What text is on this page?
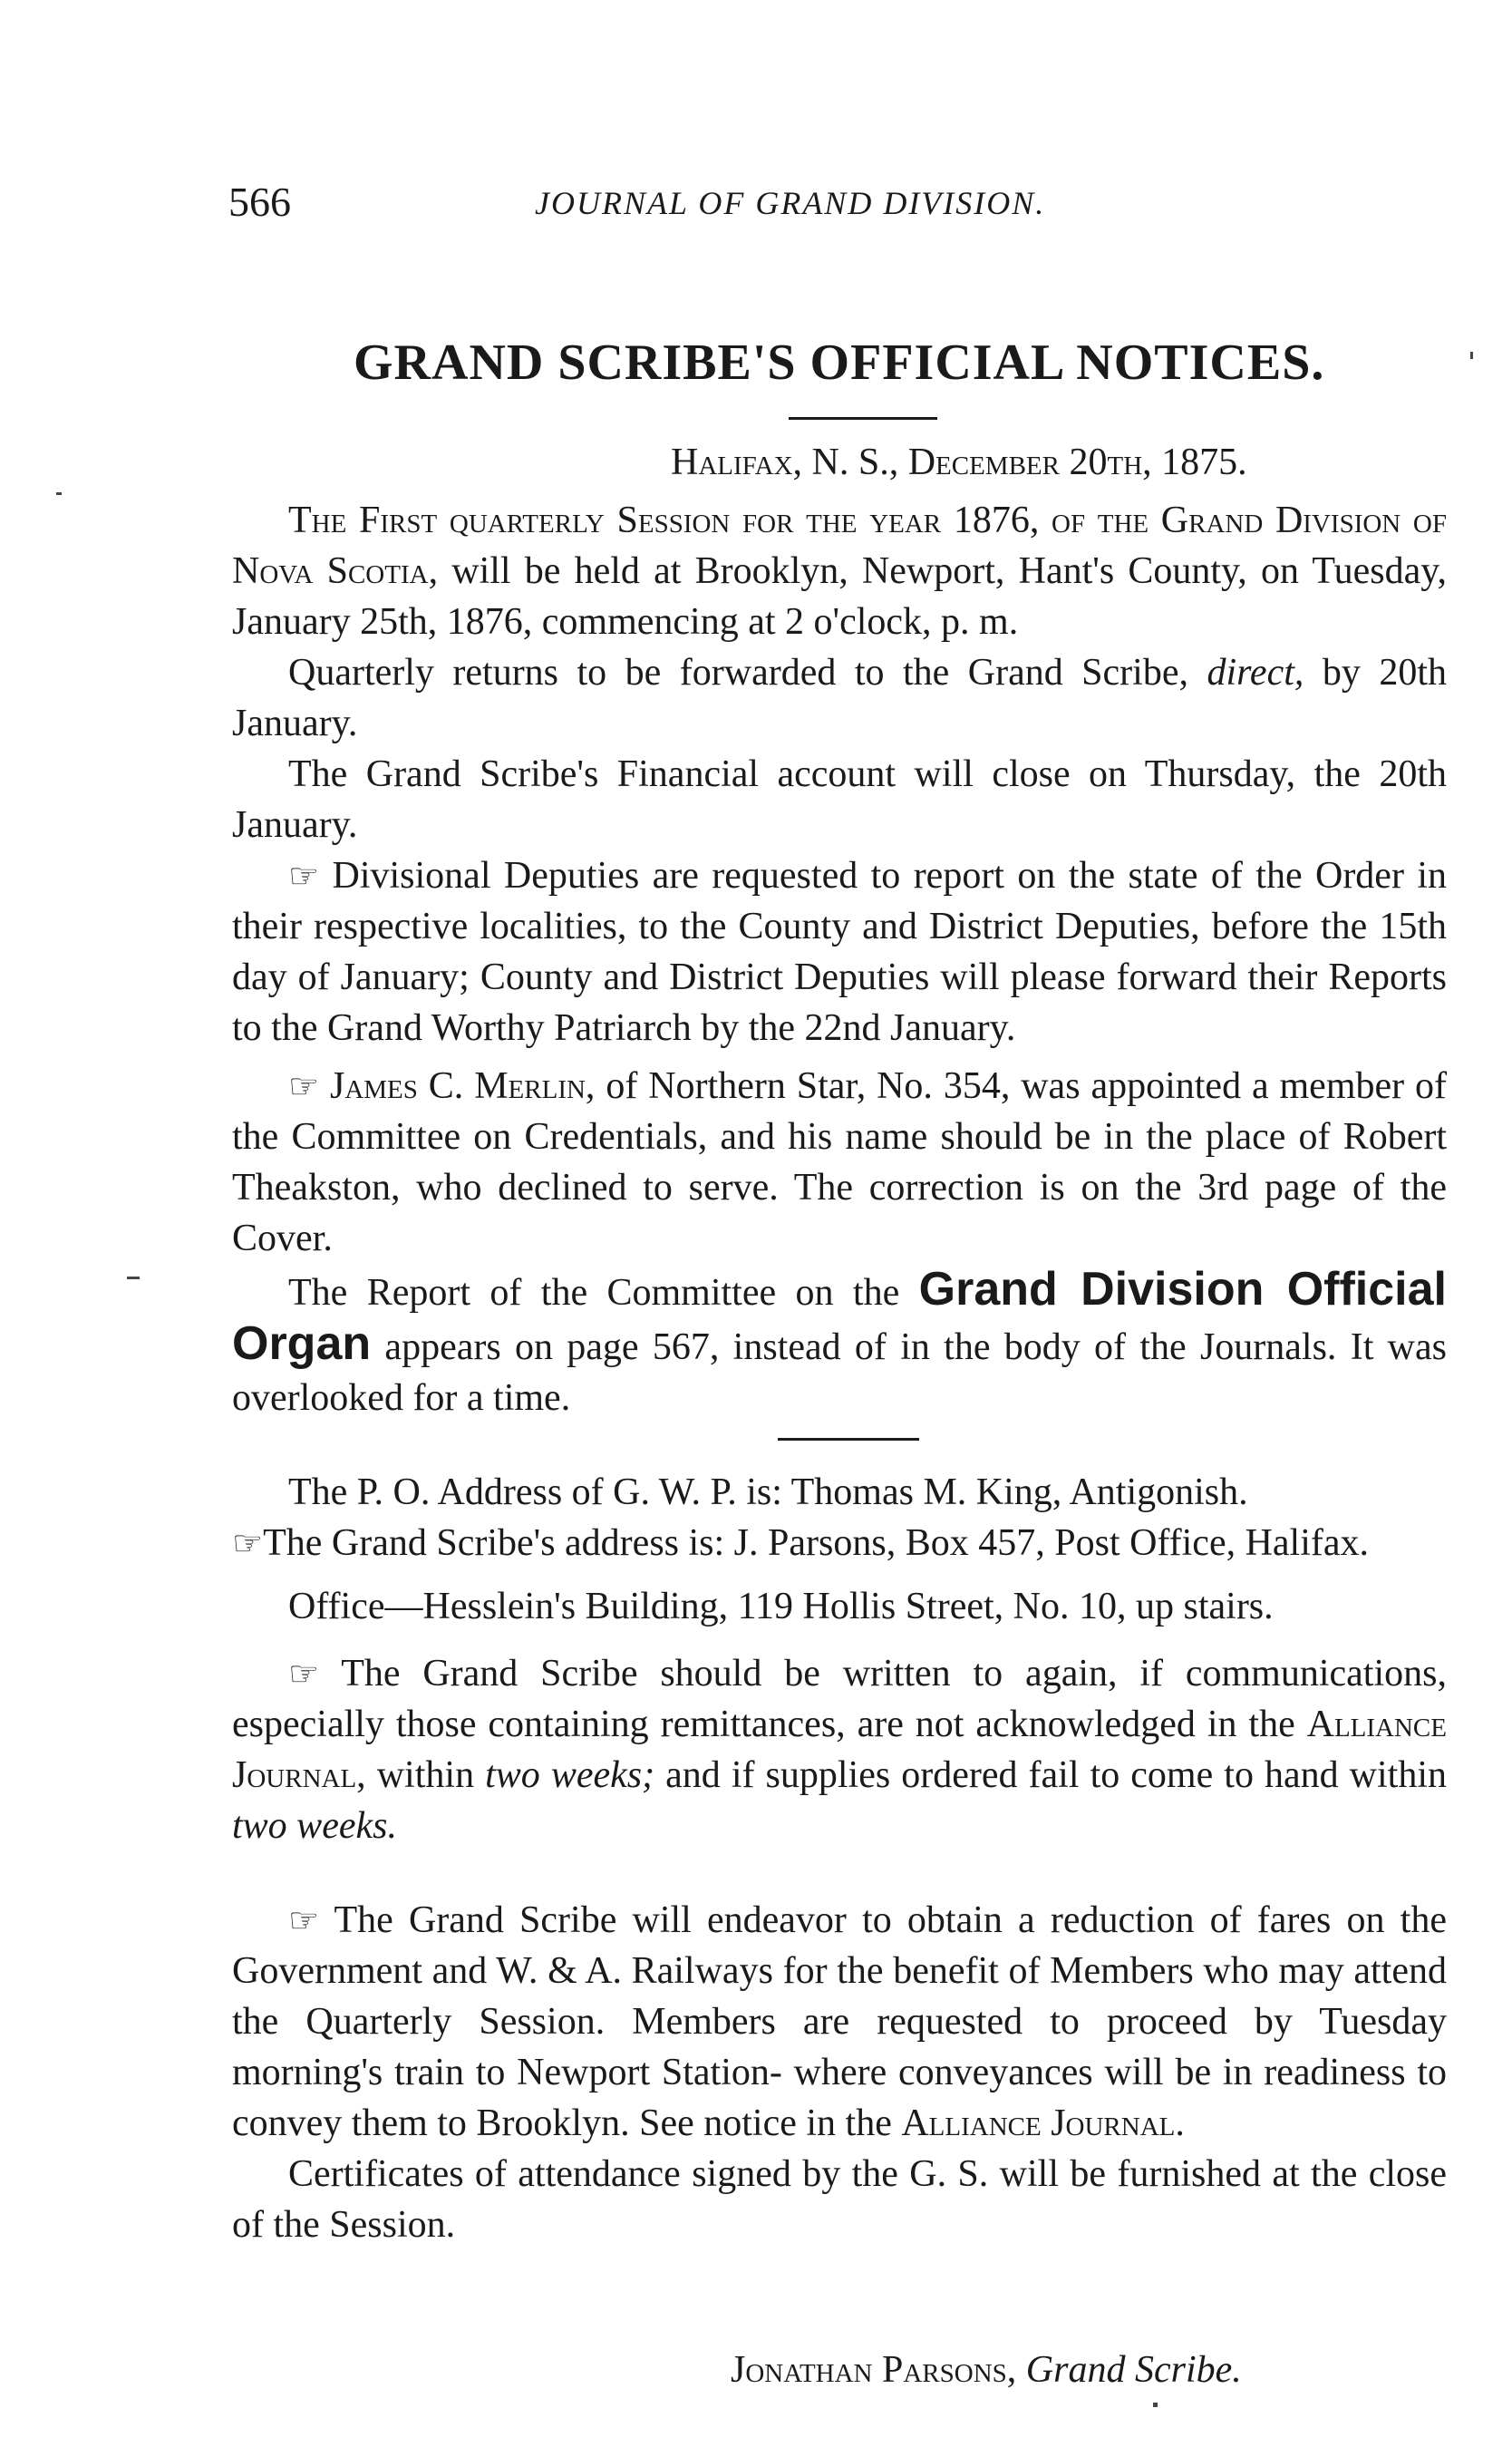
566	JOURNAL OF GRAND DIVISION.
GRAND SCRIBE'S OFFICIAL NOTICES.
Halifax, N. S., December 20th, 1875.

The First quarterly Session for the year 1876, of the Grand Division of Nova Scotia, will be held at Brooklyn, Newport, Hant's County, on Tuesday, January 25th, 1876, commencing at 2 o'clock, p. m.

Quarterly returns to be forwarded to the Grand Scribe, direct, by 20th January.

The Grand Scribe's Financial account will close on Thursday, the 20th January.

☞ Divisional Deputies are requested to report on the state of the Order in their respective localities, to the County and District Deputies, before the 15th day of January; County and District Deputies will please forward their Reports to the Grand Worthy Patriarch by the 22nd January.

☞ James C. Merlin, of Northern Star, No. 354, was appointed a member of the Committee on Credentials, and his name should be in the place of Robert Theakston, who declined to serve. The correction is on the 3rd page of the Cover.

The Report of the Committee on the Grand Division Official Organ appears on page 567, instead of in the body of the Journals. It was overlooked for a time.

The P. O. Address of G. W. P. is: Thomas M. King, Antigonish.

☞The Grand Scribe's address is: J. Parsons, Box 457, Post Office, Halifax.

Office—Hesslein's Building, 119 Hollis Street, No. 10, up stairs.

☞ The Grand Scribe should be written to again, if communications, especially those containing remittances, are not acknowledged in the Alliance Journal, within two weeks; and if supplies ordered fail to come to hand within two weeks.

☞ The Grand Scribe will endeavor to obtain a reduction of fares on the Government and W. & A. Railways for the benefit of Members who may attend the Quarterly Session. Members are requested to proceed by Tuesday morning's train to Newport Station- where conveyances will be in readiness to convey them to Brooklyn. See notice in the Alliance Journal.

Certificates of attendance signed by the G. S. will be furnished at the close of the Session.

Jonathan Parsons, Grand Scribe.
